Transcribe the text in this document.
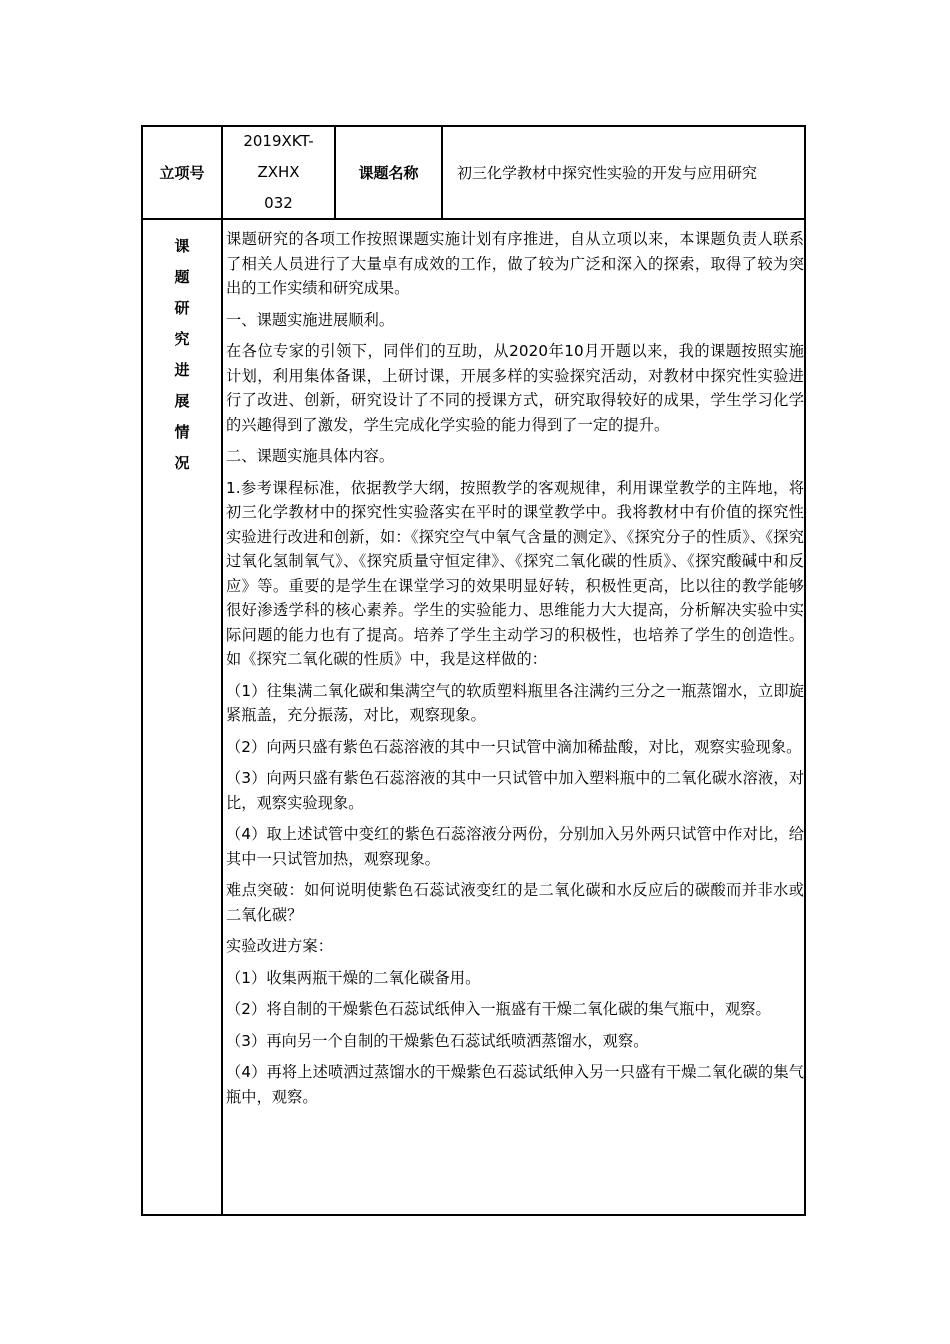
立项号
2019XKT-
ZXHX
032
课题名称	初三化学教材中探究性实验的开发与应用研究
课
题
研
究
进
展
情
况

课题研究的各项工作按照课题实施计划有序推进，自从立项以来，本课题负责人联系了相关人员进行了大量卓有成效的工作，做了较为广泛和深入的探索，取得了较为突出的工作实绩和研究成果。

一、课题实施进展顺利。

在各位专家的引领下，同伴们的互助，从2020年10月开题以来，我的课题按照实施计划，利用集体备课，上研讨课，开展多样的实验探究活动，对教材中探究性实验进行了改进、创新，研究设计了不同的授课方式，研究取得较好的成果，学生学习化学的兴趣得到了激发，学生完成化学实验的能力得到了一定的提升。

二、课题实施具体内容。

1.参考课程标准，依据教学大纲，按照教学的客观规律，利用课堂教学的主阵地，将初三化学教材中的探究性实验落实在平时的课堂教学中。我将教材中有价值的探究性实验进行改进和创新，如：《探究空气中氧气含量的测定》、《探究分子的性质》、《探究过氧化氢制氧气》、《探究质量守恒定律》、《探究二氧化碳的性质》、《探究酸碱中和反应》等。重要的是学生在课堂学习的效果明显好转，积极性更高，比以往的教学能够很好渗透学科的核心素养。学生的实验能力、思维能力大大提高，分析解决实验中实际问题的能力也有了提高。培养了学生主动学习的积极性，也培养了学生的创造性。如《探究二氧化碳的性质》中，我是这样做的：

（1）往集满二氧化碳和集满空气的软质塑料瓶里各注满约三分之一瓶蒸馏水，立即旋紧瓶盖，充分振荡，对比，观察现象。

（2）向两只盛有紫色石蕊溶液的其中一只试管中滴加稀盐酸，对比，观察实验现象。

（3）向两只盛有紫色石蕊溶液的其中一只试管中加入塑料瓶中的二氧化碳水溶液，对比，观察实验现象。

（4）取上述试管中变红的紫色石蕊溶液分两份，分别加入另外两只试管中作对比，给其中一只试管加热，观察现象。

难点突破：如何说明使紫色石蕊试液变红的是二氧化碳和水反应后的碳酸而并非水或二氧化碳？

实验改进方案：

（1）收集两瓶干燥的二氧化碳备用。

（2）将自制的干燥紫色石蕊试纸伸入一瓶盛有干燥二氧化碳的集气瓶中，观察。

（3）再向另一个自制的干燥紫色石蕊试纸喷洒蒸馏水，观察。

（4）再将上述喷洒过蒸馏水的干燥紫色石蕊试纸伸入另一只盛有干燥二氧化碳的集气瓶中，观察。
